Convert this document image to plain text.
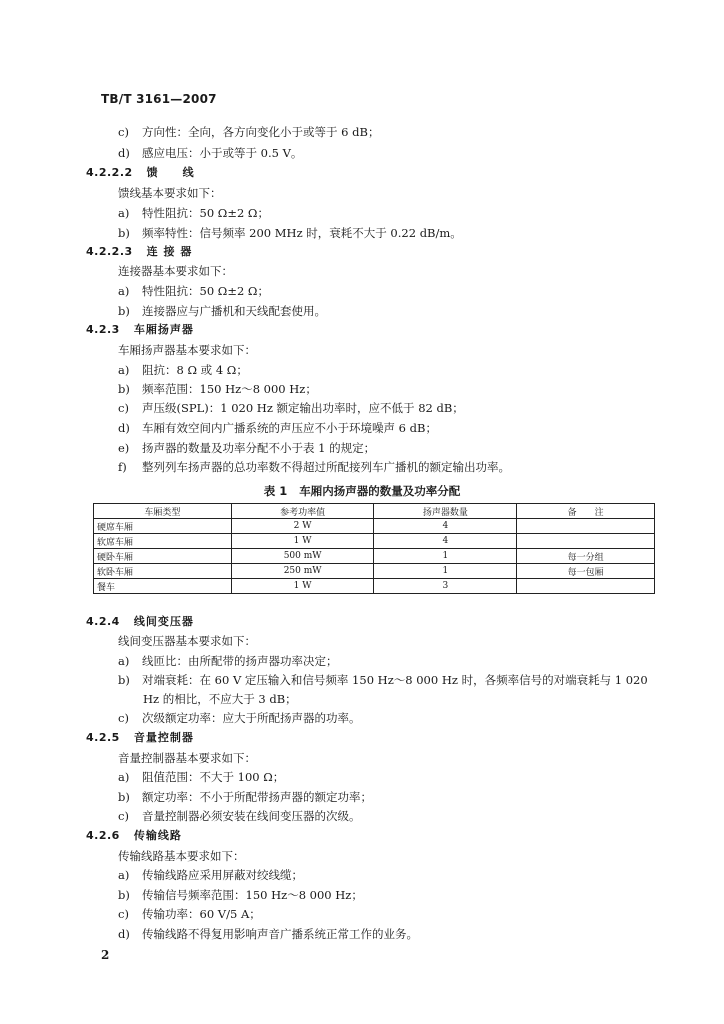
TB/T 3161—2007
c) 方向性：全向，各方向变化小于或等于 6 dB；
d) 感应电压：小于或等于 0.5 V。
4.2.2.2 馈　　线
馈线基本要求如下：
a) 特性阻抗：50 Ω±2 Ω；
b) 频率特性：信号频率 200 MHz 时，衰耗不大于 0.22 dB/m。
4.2.2.3 连 接 器
连接器基本要求如下：
a) 特性阻抗：50 Ω±2 Ω；
b) 连接器应与广播机和天线配套使用。
4.2.3 车厢扬声器
车厢扬声器基本要求如下：
a) 阻抗：8 Ω 或 4 Ω；
b) 频率范围：150 Hz～8 000 Hz；
c) 声压级(SPL)：1 020 Hz 额定输出功率时，应不低于 82 dB；
d) 车厢有效空间内广播系统的声压应不小于环境噪声 6 dB；
e) 扬声器的数量及功率分配不小于表 1 的规定；
f) 整列列车扬声器的总功率数不得超过所配接列车广播机的额定输出功率。
表 1 车厢内扬声器的数量及功率分配
车厢类型	参考功率值	扬声器数量	备　　注
硬席车厢	2 W	4	
软席车厢	1 W	4	
硬卧车厢	500 mW	1	每一分组
软卧车厢	250 mW	1	每一包厢
餐车	1 W	3	
4.2.4 线间变压器
线间变压器基本要求如下：
a) 线匝比：由所配带的扬声器功率决定；
b) 对端衰耗：在 60 V 定压输入和信号频率 150 Hz～8 000 Hz 时，各频率信号的对端衰耗与 1 020
Hz 的相比，不应大于 3 dB；
c) 次级额定功率：应大于所配扬声器的功率。
4.2.5 音量控制器
音量控制器基本要求如下：
a) 阻值范围：不大于 100 Ω；
b) 额定功率：不小于所配带扬声器的额定功率；
c) 音量控制器必须安装在线间变压器的次级。
4.2.6 传输线路
传输线路基本要求如下：
a) 传输线路应采用屏蔽对绞线缆；
b) 传输信号频率范围：150 Hz～8 000 Hz；
c) 传输功率：60 V/5 A；
d) 传输线路不得复用影响声音广播系统正常工作的业务。
2
